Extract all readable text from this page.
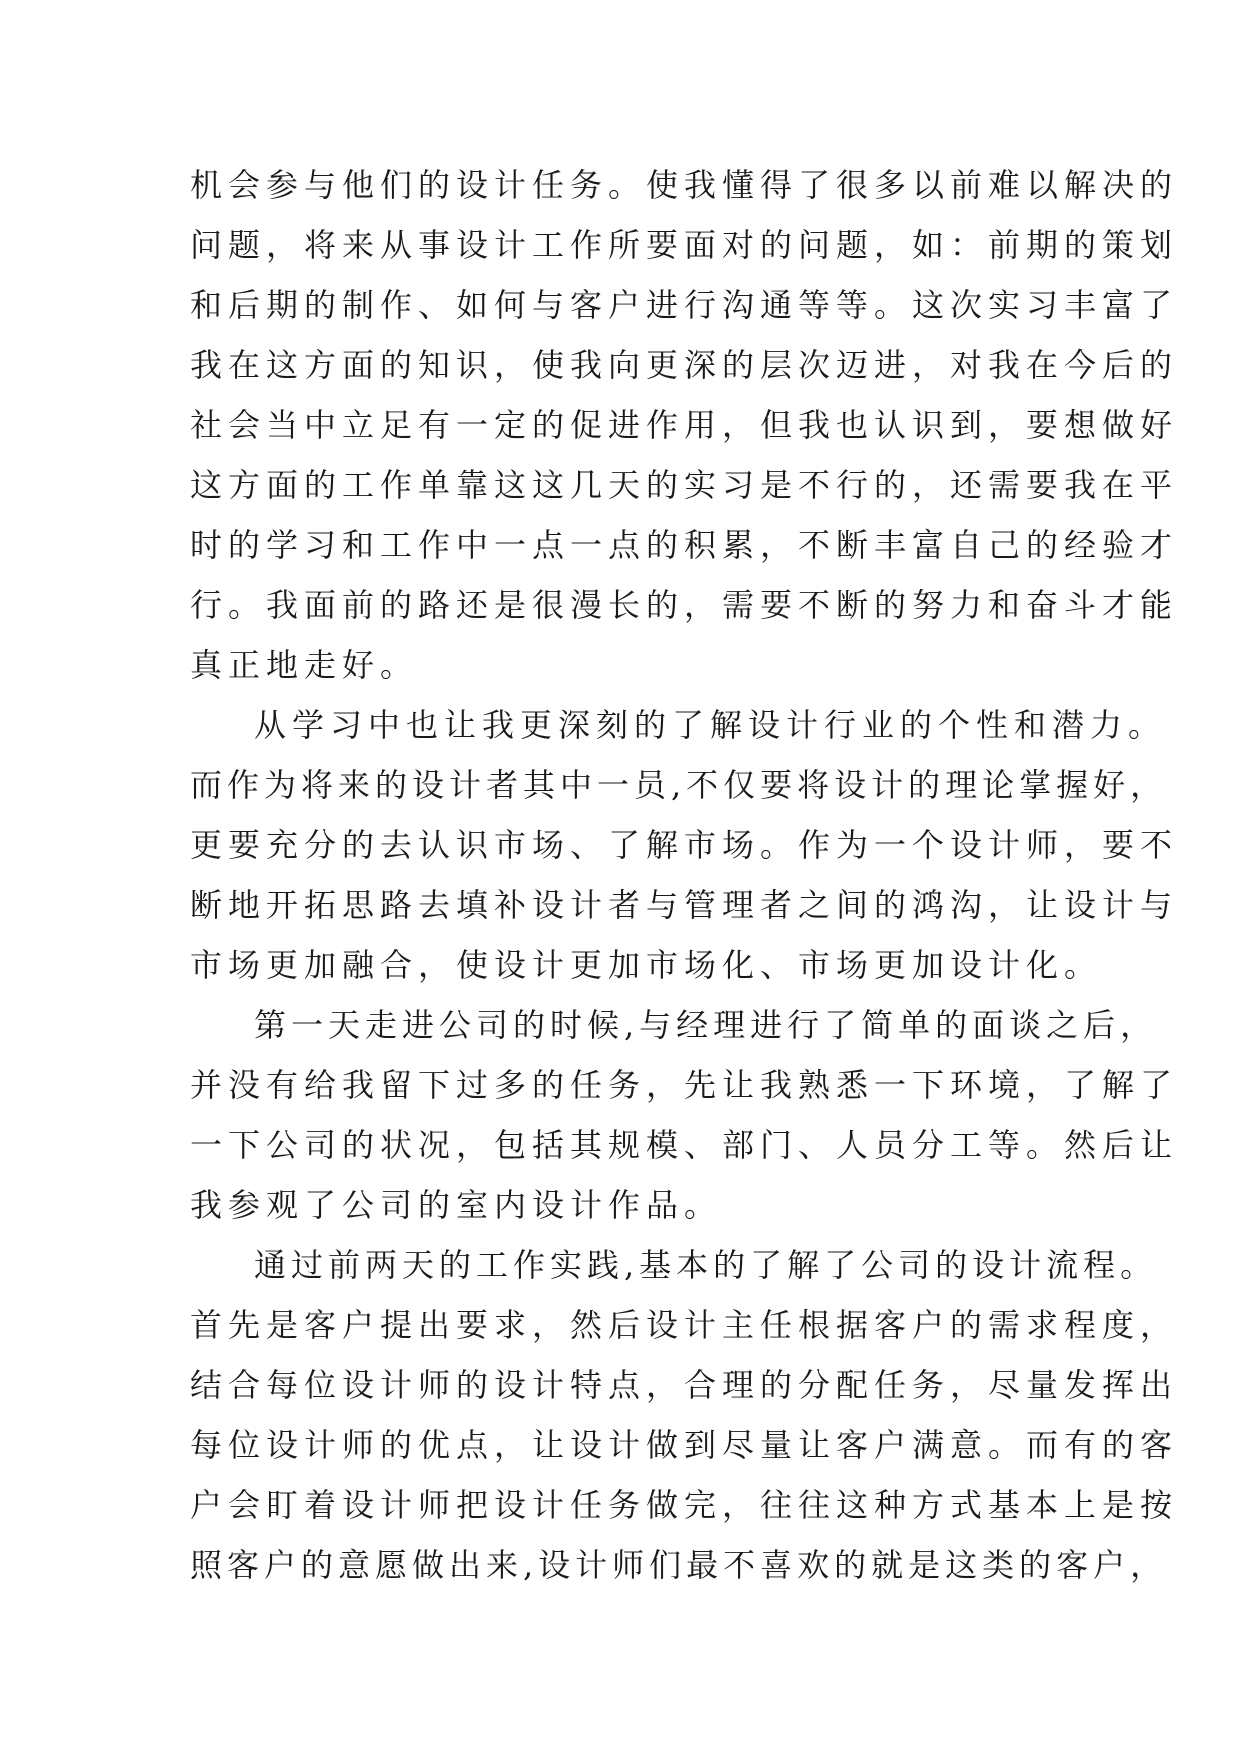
机会参与他们的设计任务。使我懂得了很多以前难以解决的
问题，将来从事设计工作所要面对的问题，如：前期的策划
和后期的制作、如何与客户进行沟通等等。这次实习丰富了
我在这方面的知识，使我向更深的层次迈进，对我在今后的
社会当中立足有一定的促进作用，但我也认识到，要想做好
这方面的工作单靠这这几天的实习是不行的，还需要我在平
时的学习和工作中一点一点的积累，不断丰富自己的经验才
行。我面前的路还是很漫长的，需要不断的努力和奋斗才能
真正地走好。
从学习中也让我更深刻的了解设计行业的个性和潜力。
而作为将来的设计者其中一员,不仅要将设计的理论掌握好，
更要充分的去认识市场、了解市场。作为一个设计师，要不
断地开拓思路去填补设计者与管理者之间的鸿沟，让设计与
市场更加融合，使设计更加市场化、市场更加设计化。
第一天走进公司的时候,与经理进行了简单的面谈之后，
并没有给我留下过多的任务，先让我熟悉一下环境，了解了
一下公司的状况，包括其规模、部门、人员分工等。然后让
我参观了公司的室内设计作品。
通过前两天的工作实践,基本的了解了公司的设计流程。
首先是客户提出要求，然后设计主任根据客户的需求程度，
结合每位设计师的设计特点，合理的分配任务，尽量发挥出
每位设计师的优点，让设计做到尽量让客户满意。而有的客
户会盯着设计师把设计任务做完，往往这种方式基本上是按
照客户的意愿做出来,设计师们最不喜欢的就是这类的客户，
